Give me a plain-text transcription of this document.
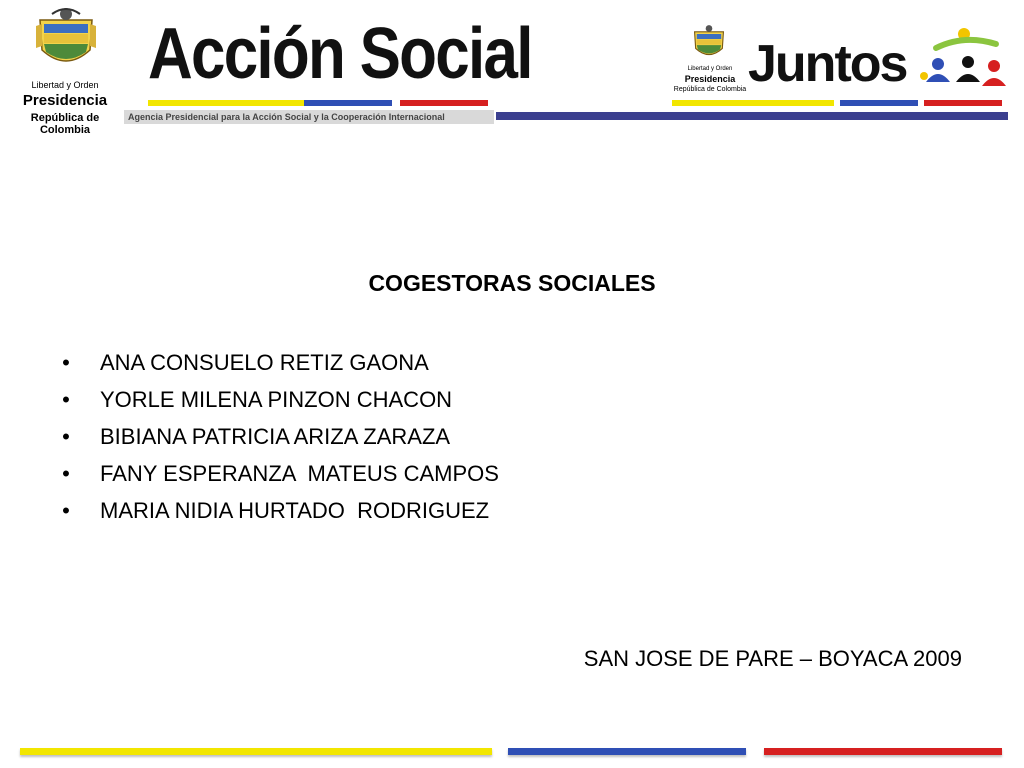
Libertad y Orden
Presidencia
República de Colombia
Acción Social
Agencia Presidencial para la Acción Social y la Cooperación Internacional
Libertad y Orden
Presidencia
República de Colombia Juntos
COGESTORAS SOCIALES
• ANA CONSUELO RETIZ GAONA
• YORLE MILENA PINZON CHACON
• BIBIANA PATRICIA ARIZA ZARAZA
• FANY ESPERANZA  MATEUS CAMPOS
• MARIA NIDIA HURTADO  RODRIGUEZ
SAN JOSE DE PARE – BOYACA 2009
